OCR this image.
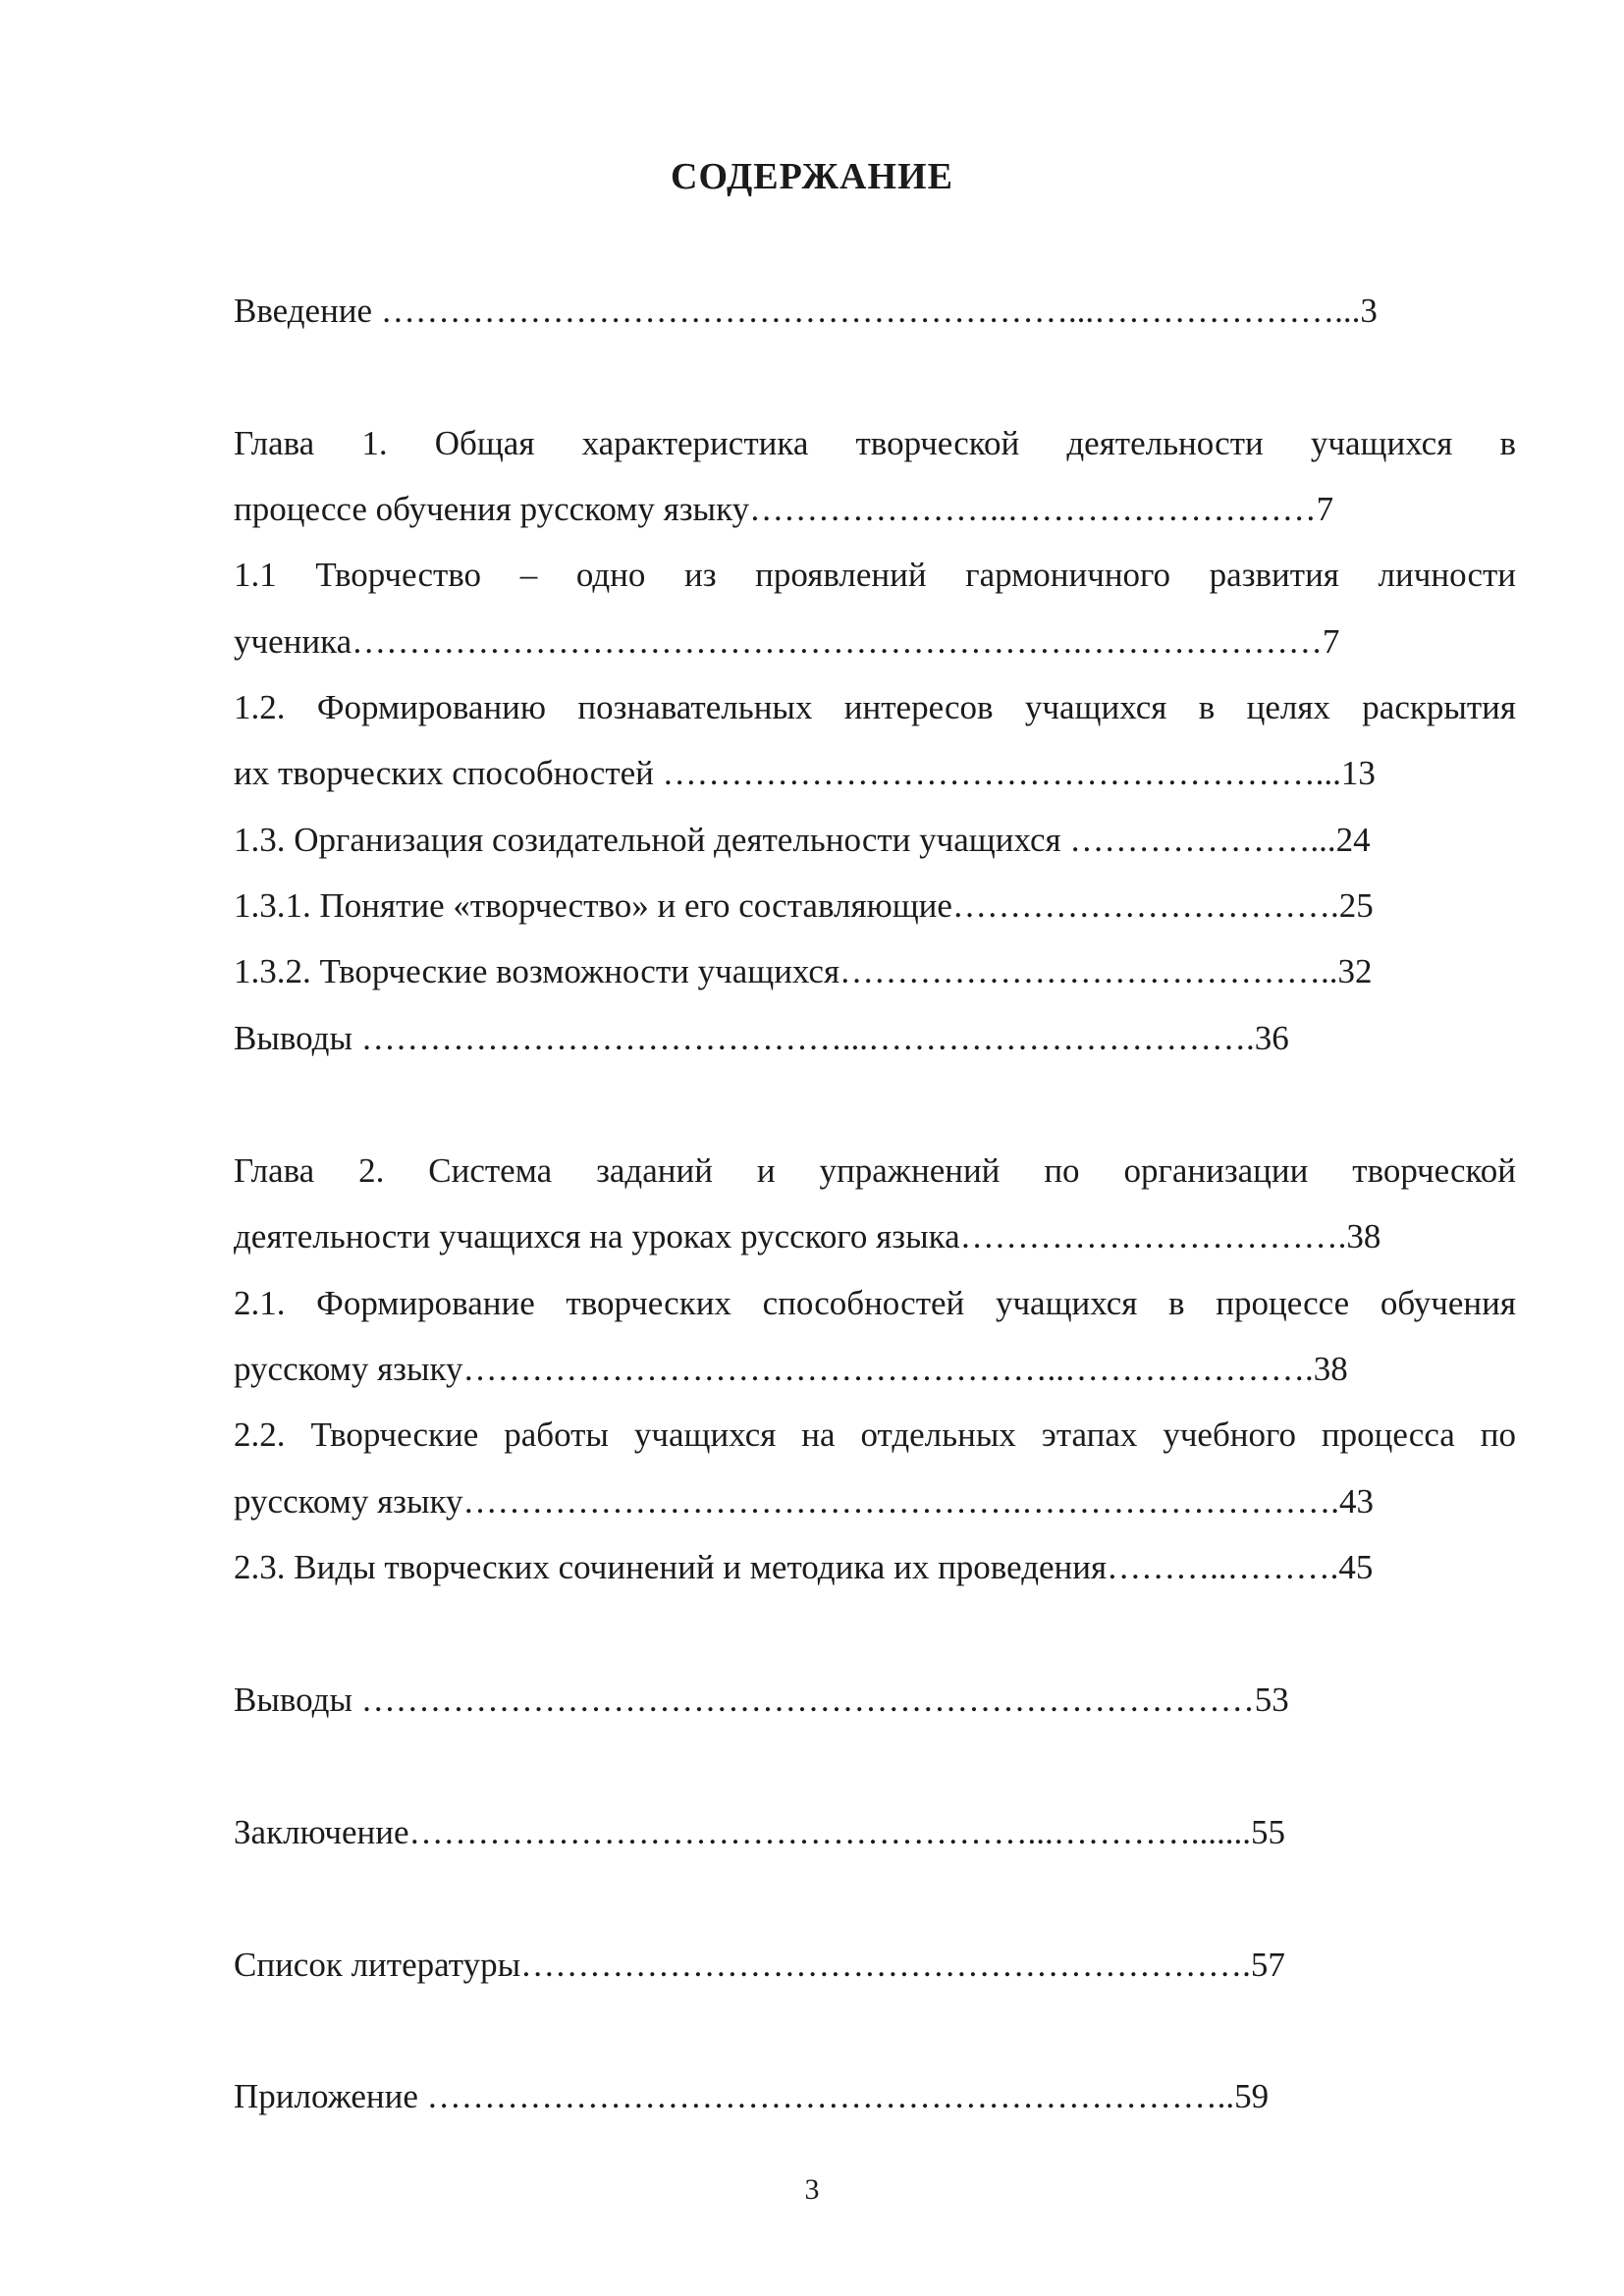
СОДЕРЖАНИЕ
Введение ……………………………………………………...…………………...3
Глава 1. Общая характеристика творческой деятельности учащихся в
процессе обучения русскому языку…………………..………………………7
1.1 Творчество – одно из проявлений гармоничного развития личности
ученика……………………………………………………….…………………7
1.2. Формированию познавательных интересов учащихся в целях раскрытия
их творческих способностей …………………………………………………...13
1.3. Организация созидательной деятельности учащихся …………………...24
1.3.1. Понятие «творчество» и его составляющие…………………………….25
1.3.2. Творческие возможности учащихся……………………………………..32
Выводы ……………………………………...…………………………….36
Глава 2. Система заданий и упражнений по организации творческой
деятельности учащихся на уроках русского языка…………………………….38
2.1. Формирование творческих способностей учащихся в процессе обучения
русскому языку……………………………………………..………………….38
2.2. Творческие работы учащихся на отдельных этапах учебного процесса по
русскому языку………………………………………….……………………….43
2.3. Виды творческих сочинений и методика их проведения………..……….45
Выводы ……………………………………………………………………53
Заключение………………………………………………...………….......55
Список литературы……………………………………………………….57
Приложение ……………………………………………………………..59
3
